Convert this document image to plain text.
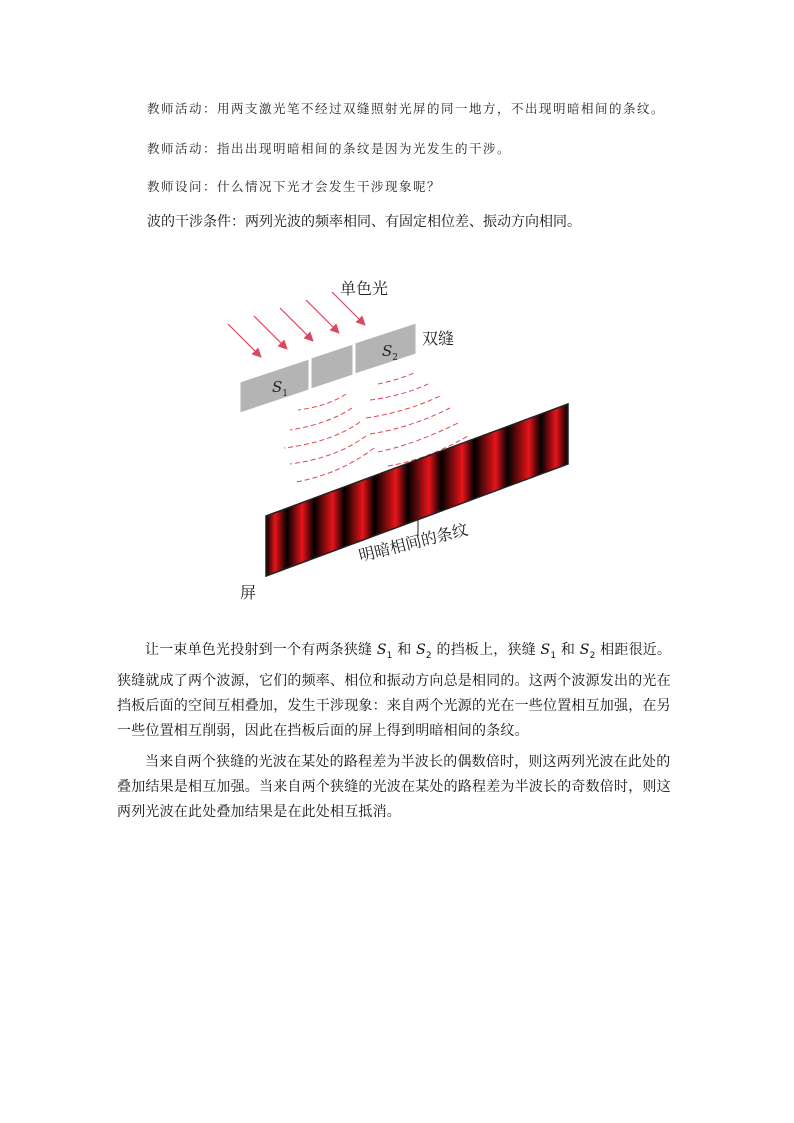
教师活动：用两支激光笔不经过双缝照射光屏的同一地方，不出现明暗相间的条纹。
教师活动：指出出现明暗相间的条纹是因为光发生的干涉。
教师设问：什么情况下光才会发生干涉现象呢？
波的干涉条件：两列光波的频率相同、有固定相位差、振动方向相同。
单色光
双缝
$S_1$
$S_2$
明暗相间的条纹
屏
让一束单色光投射到一个有两条狭缝 $S_1$ 和 $S_2$ 的挡板上，狭缝 $S_1$ 和 $S_2$ 相距很近。狭缝就成了两个波源，它们的频率、相位和振动方向总是相同的。这两个波源发出的光在挡板后面的空间互相叠加，发生干涉现象：来自两个光源的光在一些位置相互加强，在另一些位置相互削弱，因此在挡板后面的屏上得到明暗相间的条纹。
当来自两个狭缝的光波在某处的路程差为半波长的偶数倍时，则这两列光波在此处的叠加结果是相互加强。当来自两个狭缝的光波在某处的路程差为半波长的奇数倍时，则这两列光波在此处叠加结果是在此处相互抵消。
